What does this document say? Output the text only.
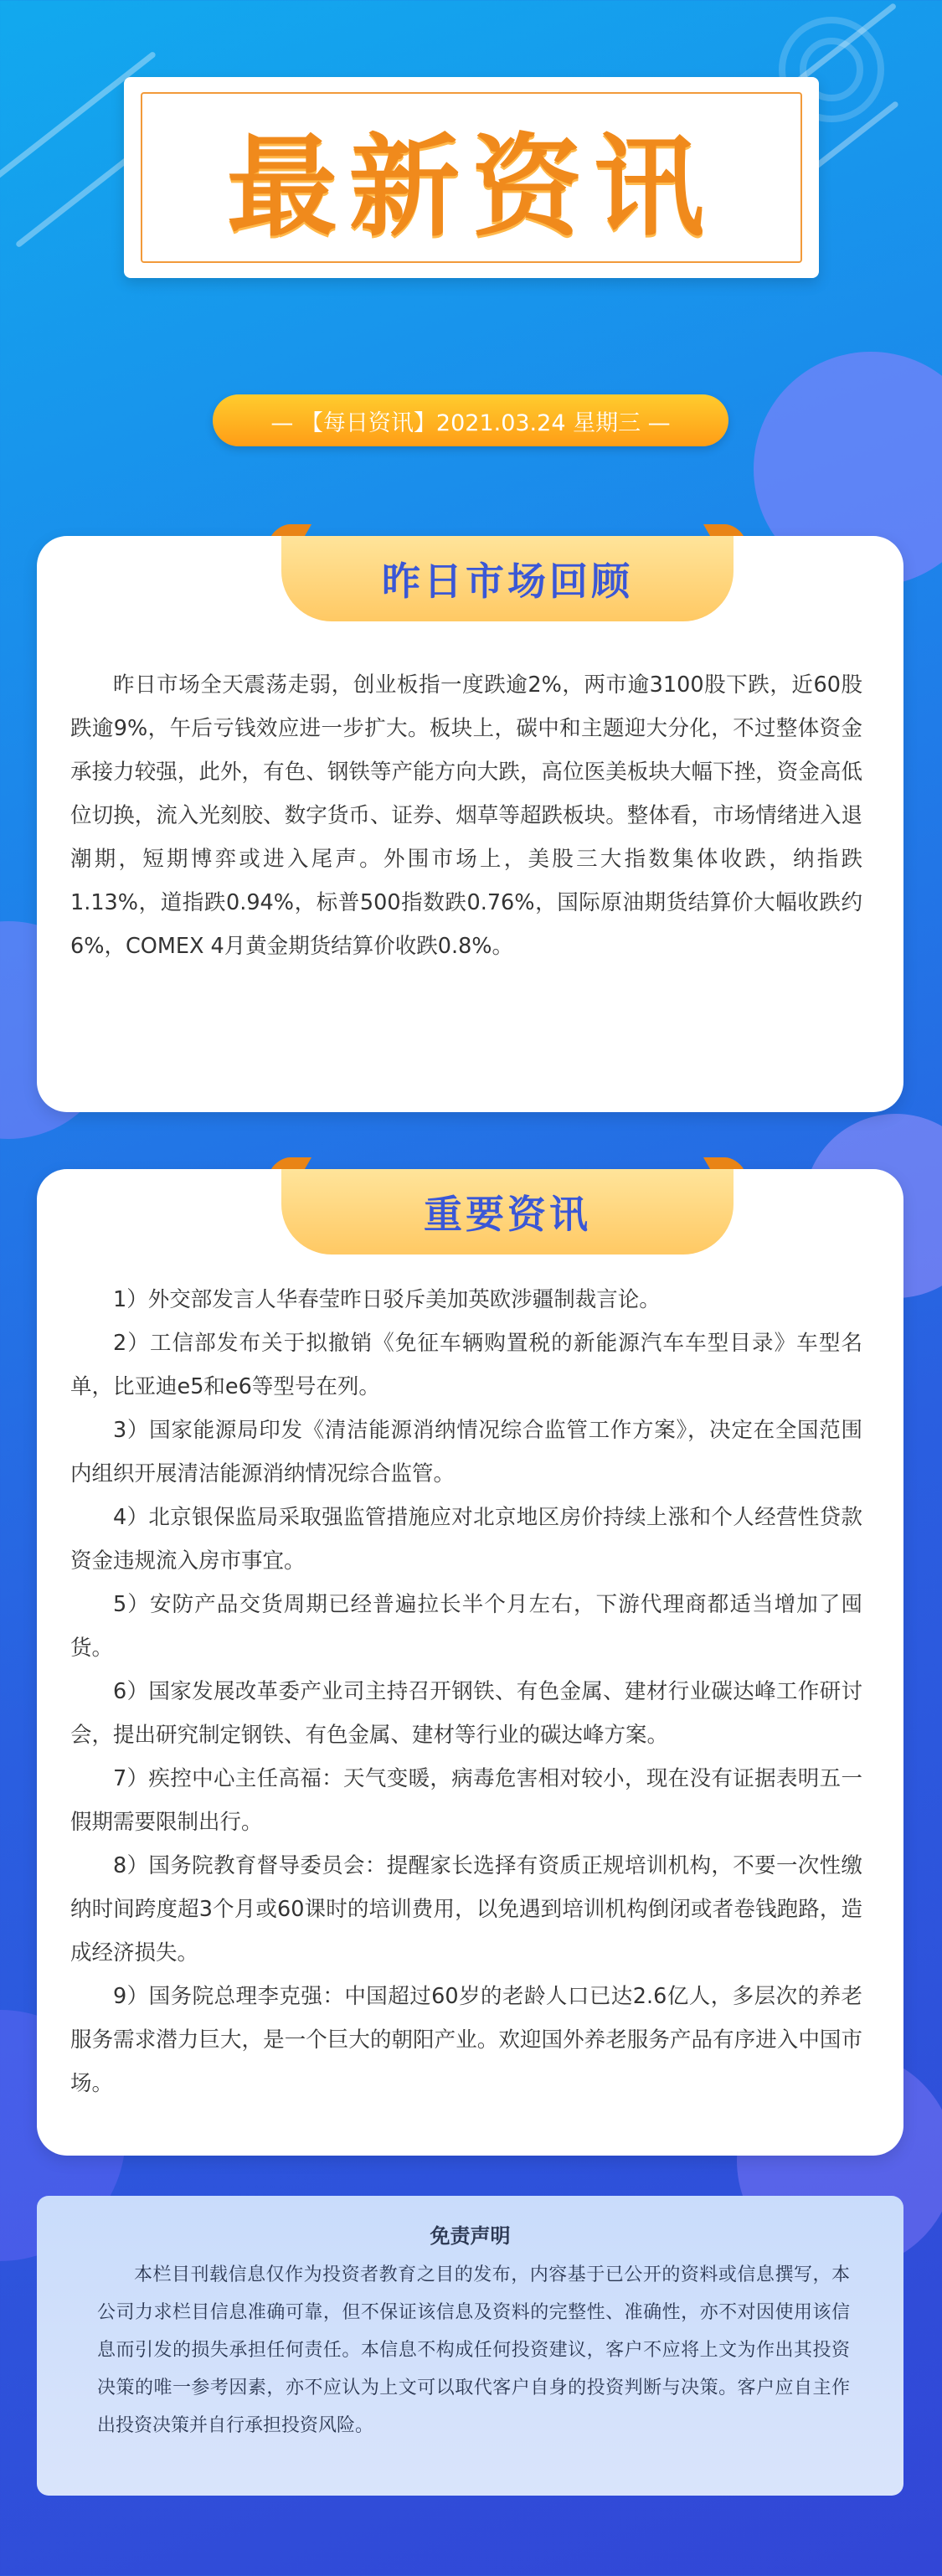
最新资讯
— 【每日资讯】2021.03.24 星期三 —
昨日市场回顾

昨日市场全天震荡走弱，创业板指一度跌逾2%，两市逾3100股下跌，近60股跌逾9%，午后亏钱效应进一步扩大。板块上，碳中和主题迎大分化，不过整体资金承接力较强，此外，有色、钢铁等产能方向大跌，高位医美板块大幅下挫，资金高低位切换，流入光刻胶、数字货币、证券、烟草等超跌板块。整体看，市场情绪进入退潮期，短期博弈或进入尾声。外围市场上，美股三大指数集体收跌，纳指跌1.13%，道指跌0.94%，标普500指数跌0.76%，国际原油期货结算价大幅收跌约6%，COMEX 4月黄金期货结算价收跌0.8%。

重要资讯

1）外交部发言人华春莹昨日驳斥美加英欧涉疆制裁言论。

2）工信部发布关于拟撤销《免征车辆购置税的新能源汽车车型目录》车型名单，比亚迪e5和e6等型号在列。

3）国家能源局印发《清洁能源消纳情况综合监管工作方案》，决定在全国范围内组织开展清洁能源消纳情况综合监管。

4）北京银保监局采取强监管措施应对北京地区房价持续上涨和个人经营性贷款资金违规流入房市事宜。

5）安防产品交货周期已经普遍拉长半个月左右，下游代理商都适当增加了囤货。

6）国家发展改革委产业司主持召开钢铁、有色金属、建材行业碳达峰工作研讨会，提出研究制定钢铁、有色金属、建材等行业的碳达峰方案。

7）疾控中心主任高福：天气变暖，病毒危害相对较小，现在没有证据表明五一假期需要限制出行。

8）国务院教育督导委员会：提醒家长选择有资质正规培训机构，不要一次性缴纳时间跨度超3个月或60课时的培训费用，以免遇到培训机构倒闭或者卷钱跑路，造成经济损失。

9）国务院总理李克强：中国超过60岁的老龄人口已达2.6亿人，多层次的养老服务需求潜力巨大，是一个巨大的朝阳产业。欢迎国外养老服务产品有序进入中国市场。

免责声明
本栏目刊载信息仅作为投资者教育之目的发布，内容基于已公开的资料或信息撰写，本公司力求栏目信息准确可靠，但不保证该信息及资料的完整性、准确性，亦不对因使用该信息而引发的损失承担任何责任。本信息不构成任何投资建议，客户不应将上文为作出其投资决策的唯一参考因素，亦不应认为上文可以取代客户自身的投资判断与决策。客户应自主作出投资决策并自行承担投资风险。
